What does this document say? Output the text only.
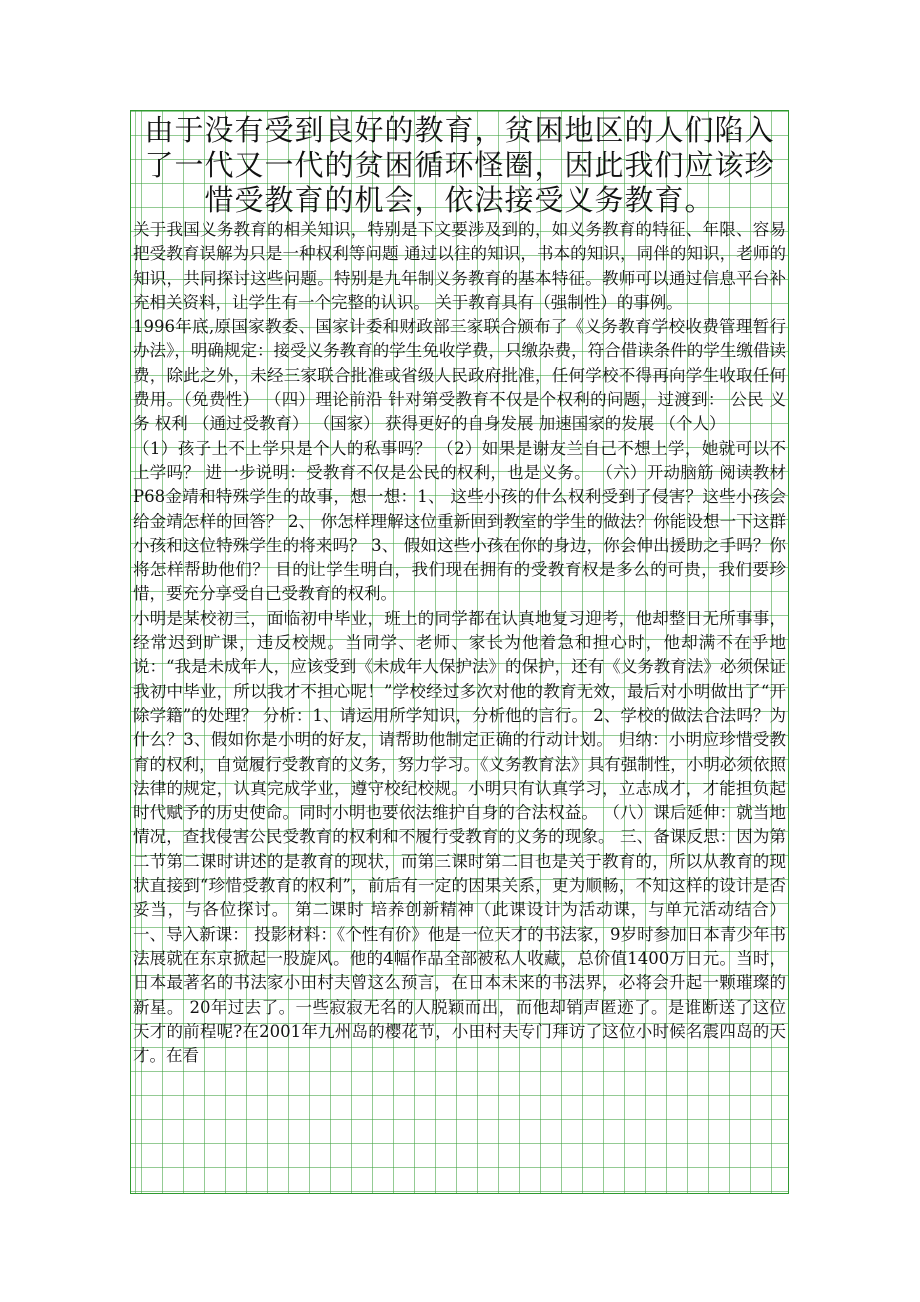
由于没有受到良好的教育，贫困地区的人们陷入了一代又一代的贫困循环怪圈，因此我们应该珍惜受教育的机会，依法接受义务教育。

关于我国义务教育的相关知识，特别是下文要涉及到的，如义务教育的特征、年限、容易把受教育误解为只是一种权利等问题 通过以往的知识，书本的知识，同伴的知识，老师的知识，共同探讨这些问题。特别是九年制义务教育的基本特征。教师可以通过信息平台补充相关资料，让学生有一个完整的认识。 关于教育具有（强制性）的事例。

1996年底,原国家教委、国家计委和财政部三家联合颁布了《义务教育学校收费管理暂行办法》，明确规定：接受义务教育的学生免收学费，只缴杂费，符合借读条件的学生缴借读费，除此之外，未经三家联合批准或省级人民政府批准，任何学校不得再向学生收取任何费用。（免费性） （四）理论前沿 针对第受教育不仅是个权利的问题，过渡到： 公民 义务 权利 （通过受教育） （国家） 获得更好的自身发展 加速国家的发展 （个人）

（1）孩子上不上学只是个人的私事吗？ （2）如果是谢友兰自己不想上学，她就可以不上学吗？ 进一步说明：受教育不仅是公民的权利，也是义务。 （六）开动脑筋 阅读教材P68金靖和特殊学生的故事，想一想：1、 这些小孩的什么权利受到了侵害？这些小孩会给金靖怎样的回答？ 2、 你怎样理解这位重新回到教室的学生的做法？你能设想一下这群小孩和这位特殊学生的将来吗？ 3、 假如这些小孩在你的身边，你会伸出援助之手吗？你将怎样帮助他们？ 目的让学生明白，我们现在拥有的受教育权是多么的可贵，我们要珍惜，要充分享受自己受教育的权利。

小明是某校初三，面临初中毕业，班上的同学都在认真地复习迎考，他却整日无所事事，经常迟到旷课，违反校规。当同学、老师、家长为他着急和担心时，他却满不在乎地说：“我是未成年人，应该受到《未成年人保护法》的保护，还有《义务教育法》必须保证我初中毕业，所以我才不担心呢！”学校经过多次对他的教育无效，最后对小明做出了“开除学籍”的处理？ 分析：1、请运用所学知识，分析他的言行。 2、学校的做法合法吗？为什么？3、假如你是小明的好友，请帮助他制定正确的行动计划。 归纳：小明应珍惜受教育的权利，自觉履行受教育的义务，努力学习。《义务教育法》具有强制性，小明必须依照法律的规定，认真完成学业，遵守校纪校规。小明只有认真学习，立志成才，才能担负起时代赋予的历史使命。同时小明也要依法维护自身的合法权益。 （八）课后延伸：就当地情况，查找侵害公民受教育的权利和不履行受教育的义务的现象。 三、备课反思：因为第二节第二课时讲述的是教育的现状，而第三课时第二目也是关于教育的，所以从教育的现状直接到“珍惜受教育的权利”，前后有一定的因果关系，更为顺畅，不知这样的设计是否妥当，与各位探讨。 第二课时 培养创新精神（此课设计为活动课，与单元活动结合） 一、导入新课： 投影材料：《个性有价》他是一位天才的书法家，9岁时参加日本青少年书法展就在东京掀起一股旋风。他的4幅作品全部被私人收藏，总价值1400万日元。当时，日本最著名的书法家小田村夫曾这么预言，在日本未来的书法界，必将会升起一颗璀璨的新星。 20年过去了。一些寂寂无名的人脱颖而出，而他却销声匿迹了。是谁断送了这位天才的前程呢?在2001年九州岛的樱花节，小田村夫专门拜访了这位小时候名震四岛的天才。在看
